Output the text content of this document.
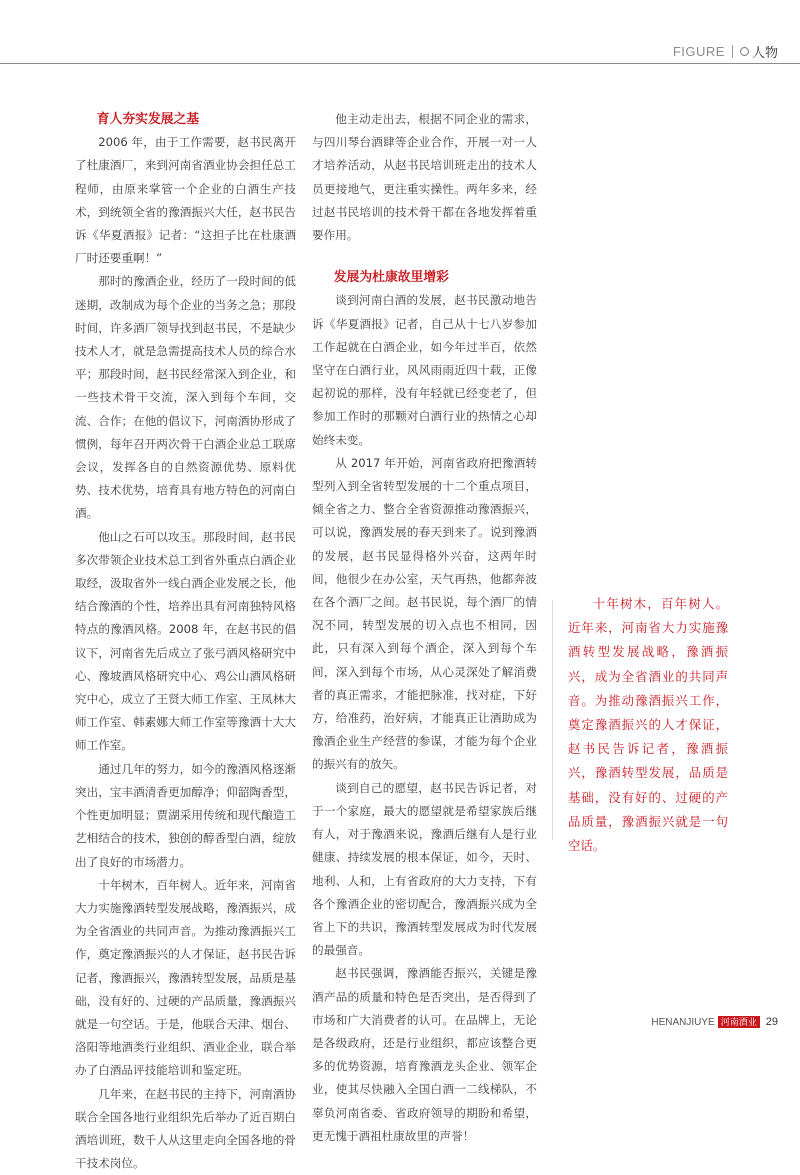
FIGURE 人物
育人夯实发展之基

2006 年，由于工作需要，赵书民离开了杜康酒厂，来到河南省酒业协会担任总工程师，由原来掌管一个企业的白酒生产技术，到统领全省的豫酒振兴大任，赵书民告诉《华夏酒报》记者：“这担子比在杜康酒厂时还要重啊！”

那时的豫酒企业，经历了一段时间的低迷期，改制成为每个企业的当务之急；那段时间，许多酒厂领导找到赵书民，不是缺少技术人才，就是急需提高技术人员的综合水平；那段时间，赵书民经常深入到企业，和一些技术骨干交流，深入到每个车间，交流、合作；在他的倡议下，河南酒协形成了惯例，每年召开两次骨干白酒企业总工联席会议，发挥各自的自然资源优势、原料优势、技术优势，培育具有地方特色的河南白酒。

他山之石可以攻玉。那段时间，赵书民多次带领企业技术总工到省外重点白酒企业取经，汲取省外一线白酒企业发展之长，他结合豫酒的个性，培养出具有河南独特风格特点的豫酒风格。2008 年，在赵书民的倡议下，河南省先后成立了张弓酒风格研究中心、豫坡酒风格研究中心、鸡公山酒风格研究中心，成立了王贤大师工作室、王凤林大师工作室、韩素娜大师工作室等豫酒十大大师工作室。

通过几年的努力，如今的豫酒风格逐渐突出，宝丰酒清香更加醇净；仰韶陶香型，个性更加明显；贾湖采用传统和现代酿造工艺相结合的技术，独创的醇香型白酒，绽放出了良好的市场潜力。

十年树木，百年树人。近年来，河南省大力实施豫酒转型发展战略，豫酒振兴，成为全省酒业的共同声音。为推动豫酒振兴工作，奠定豫酒振兴的人才保证，赵书民告诉记者，豫酒振兴，豫酒转型发展，品质是基础，没有好的、过硬的产品质量，豫酒振兴就是一句空话。于是，他联合天津、烟台、洛阳等地酒类行业组织、酒业企业，联合举办了白酒品评技能培训和鉴定班。

几年来，在赵书民的主持下，河南酒协联合全国各地行业组织先后举办了近百期白酒培训班，数千人从这里走向全国各地的骨干技术岗位。

他主动走出去，根据不同企业的需求，与四川琴台酒肆等企业合作，开展一对一人才培养活动，从赵书民培训班走出的技术人员更接地气，更注重实操性。两年多来，经过赵书民培训的技术骨干都在各地发挥着重要作用。

发展为杜康故里增彩

谈到河南白酒的发展，赵书民激动地告诉《华夏酒报》记者，自己从十七八岁参加工作起就在白酒企业，如今年过半百，依然坚守在白酒行业，风风雨雨近四十载，正像起初说的那样，没有年轻就已经变老了，但参加工作时的那颗对白酒行业的热情之心却始终未变。

从 2017 年开始，河南省政府把豫酒转型列入到全省转型发展的十二个重点项目，倾全省之力、整合全省资源推动豫酒振兴，可以说，豫酒发展的春天到来了。说到豫酒的发展，赵书民显得格外兴奋，这两年时间，他很少在办公室，天气再热，他都奔波在各个酒厂之间。赵书民说，每个酒厂的情况不同，转型发展的切入点也不相同，因此，只有深入到每个酒企，深入到每个车间，深入到每个市场，从心灵深处了解消费者的真正需求，才能把脉准，找对症，下好方，给准药，治好病，才能真正让酒助成为豫酒企业生产经营的参谋，才能为每个企业的振兴有的放矢。

谈到自己的愿望，赵书民告诉记者，对于一个家庭，最大的愿望就是希望家族后继有人，对于豫酒来说，豫酒后继有人是行业健康、持续发展的根本保证，如今，天时、地利、人和，上有省政府的大力支持，下有各个豫酒企业的密切配合，豫酒振兴成为全省上下的共识，豫酒转型发展成为时代发展的最强音。

赵书民强调，豫酒能否振兴，关键是豫酒产品的质量和特色是否突出，是否得到了市场和广大消费者的认可。在品牌上，无论是各级政府，还是行业组织，都应该整合更多的优势资源，培育豫酒龙头企业、领军企业，使其尽快融入全国白酒一二线梯队，不辜负河南省委、省政府领导的期盼和希望，更无愧于酒祖杜康故里的声誉！

十年树木，百年树人。近年来，河南省大力实施豫酒转型发展战略，豫酒振兴，成为全省酒业的共同声音。为推动豫酒振兴工作，奠定豫酒振兴的人才保证，赵书民告诉记者，豫酒振兴，豫酒转型发展，品质是基础，没有好的、过硬的产品质量，豫酒振兴就是一句空话。

HENANJIUYE 河南酒业 29
